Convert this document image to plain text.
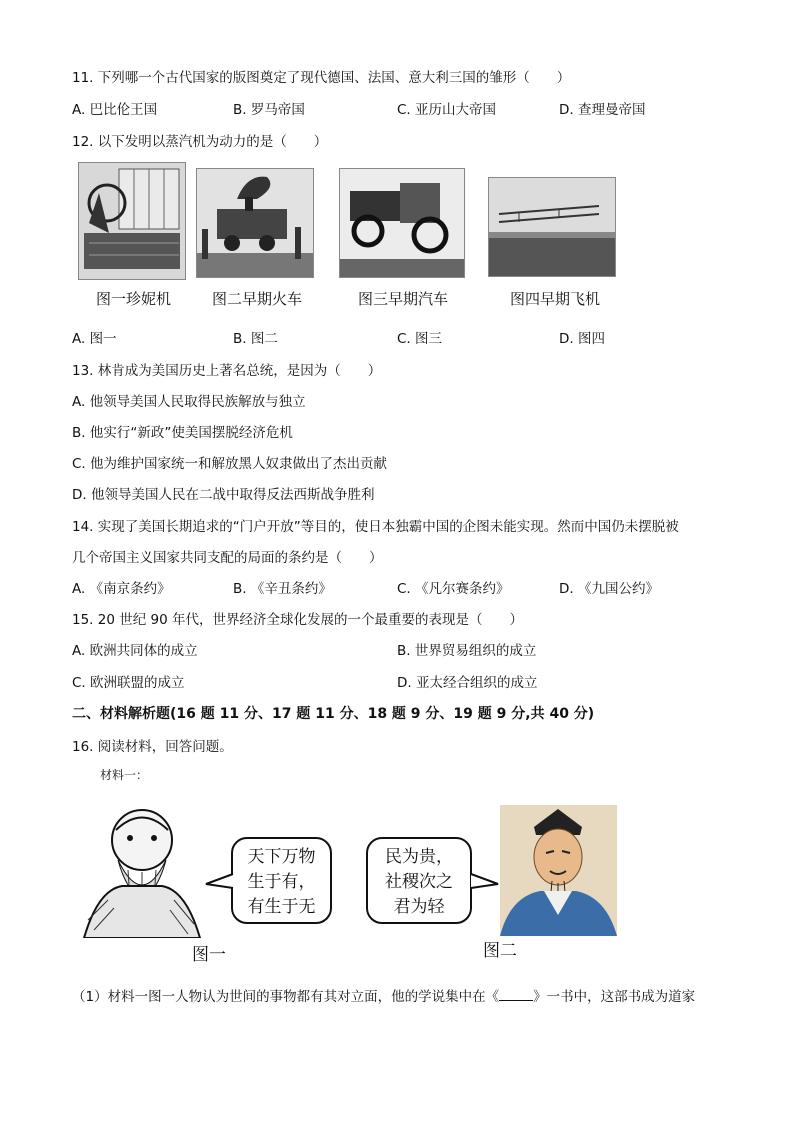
11. 下列哪一个古代国家的版图奠定了现代德国、法国、意大利三国的雏形（　　）
A. 巴比伦王国	B. 罗马帝国	C. 亚历山大帝国	D. 查理曼帝国
12. 以下发明以蒸汽机为动力的是（　　）
图一珍妮机	图二早期火车	图三早期汽车	图四早期飞机
A. 图一	B. 图二	C. 图三	D. 图四
13. 林肯成为美国历史上著名总统，是因为（　　）
A. 他领导美国人民取得民族解放与独立
B. 他实行“新政”使美国摆脱经济危机
C. 他为维护国家统一和解放黑人奴隶做出了杰出贡献
D. 他领导美国人民在二战中取得反法西斯战争胜利
14. 实现了美国长期追求的“门户开放”等目的，使日本独霸中国的企图未能实现。然而中国仍未摆脱被
几个帝国主义国家共同支配的局面的条约是（　　）
A. 《南京条约》	B. 《辛丑条约》	C. 《凡尔赛条约》	D. 《九国公约》
15. 20 世纪 90 年代，世界经济全球化发展的一个最重要的表现是（　　）
A. 欧洲共同体的成立	B. 世界贸易组织的成立
C. 欧洲联盟的成立	D. 亚太经合组织的成立
二、材料解析题(16 题 11 分、17 题 11 分、18 题 9 分、19 题 9 分,共 40 分)
16. 阅读材料，回答问题。
材料一：
天下万物
生于有，
有生于无
民为贵，
社稷次之
君为轻
图一	图二
（1）材料一图一人物认为世间的事物都有其对立面，他的学说集中在《	》一书中，这部书成为道家
